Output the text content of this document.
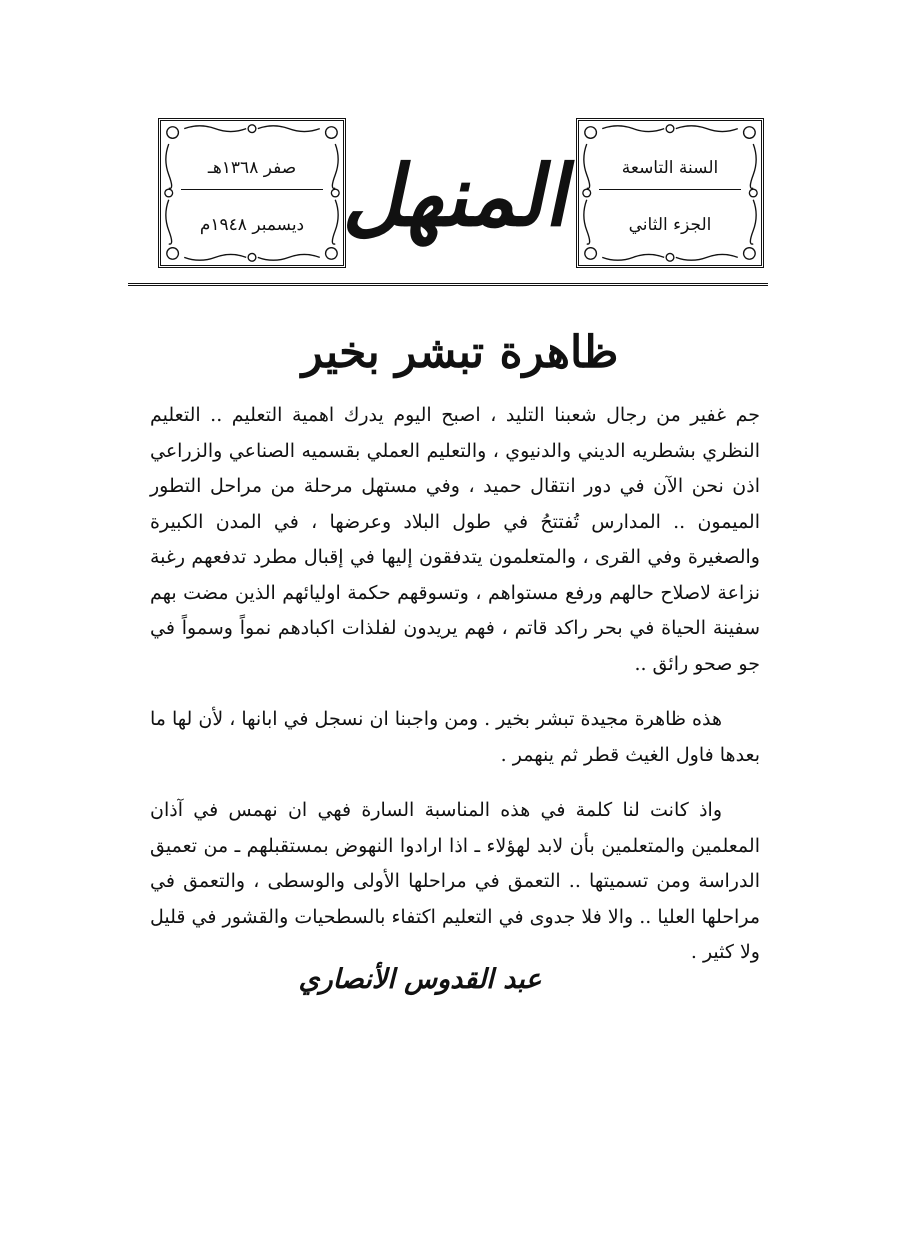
السنة التاسعة
الجزء الثاني
المنهل
صفر ١٣٦٨هـ
ديسمبر ١٩٤٨م
ظاهرة تبشر بخير

جم غفير من رجال شعبنا التليد ، اصبح اليوم يدرك اهمية التعليم .. التعليم النظري بشطريه الديني والدنيوي ، والتعليم العملي بقسميه الصناعي والزراعي اذن نحن الآن في دور انتقال حميد ، وفي مستهل مرحلة من مراحل التطور الميمون .. المدارس تُفتتحُ في طول البلاد وعرضها ، في المدن الكبيرة والصغيرة وفي القرى ، والمتعلمون يتدفقون إليها في إقبال مطرد تدفعهم رغبة نزاعة لاصلاح حالهم ورفع مستواهم ، وتسوقهم حكمة اوليائهم الذين مضت بهم سفينة الحياة في بحر راكد قاتم ، فهم يريدون لفلذات اكبادهم نمواً وسمواً في جو صحو رائق ..

هذه ظاهرة مجيدة تبشر بخير . ومن واجبنا ان نسجل في ابانها ، لأن لها ما بعدها فاول الغيث قطر ثم ينهمر .

واذ كانت لنا كلمة في هذه المناسبة السارة فهي ان نهمس في آذان المعلمين والمتعلمين بأن لابد لهؤلاء ـ اذا ارادوا النهوض بمستقبلهم ـ من تعميق الدراسة ومن تسميتها .. التعمق في مراحلها الأولى والوسطى ، والتعمق في مراحلها العليا .. والا فلا جدوى في التعليم اكتفاء بالسطحيات والقشور في قليل ولا كثير .

عبد القدوس الأنصاري
